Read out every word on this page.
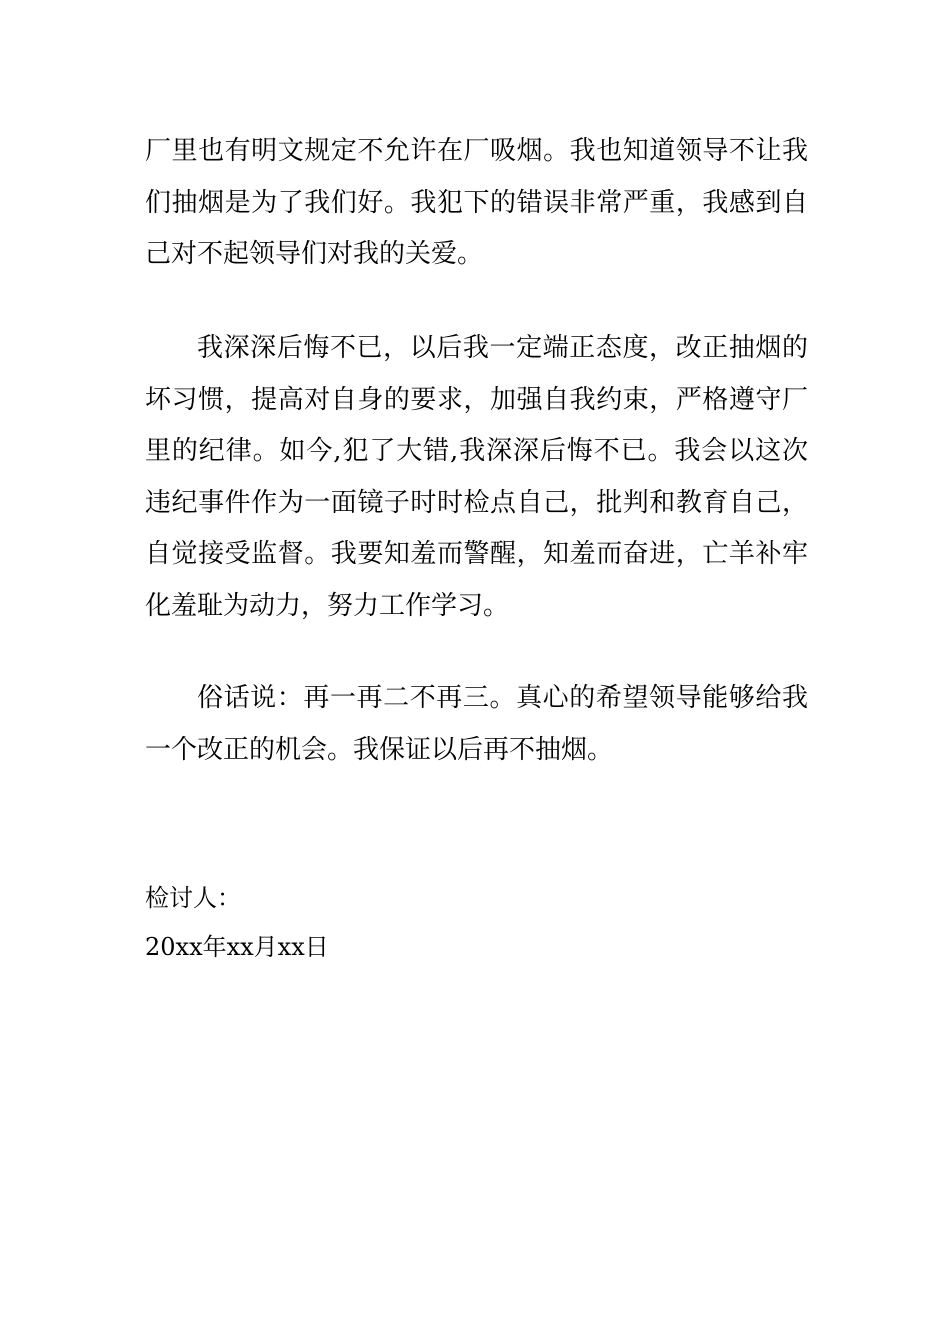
厂里也有明文规定不允许在厂吸烟。我也知道领导不让我们抽烟是为了我们好。我犯下的错误非常严重，我感到自己对不起领导们对我的关爱。

我深深后悔不已，以后我一定端正态度，改正抽烟的坏习惯，提高对自身的要求，加强自我约束，严格遵守厂里的纪律。如今,犯了大错,我深深后悔不已。我会以这次违纪事件作为一面镜子时时检点自己，批判和教育自己，自觉接受监督。我要知羞而警醒，知羞而奋进，亡羊补牢化羞耻为动力，努力工作学习。

俗话说：再一再二不再三。真心的希望领导能够给我一个改正的机会。我保证以后再不抽烟。

检讨人：

20xx年xx月xx日
